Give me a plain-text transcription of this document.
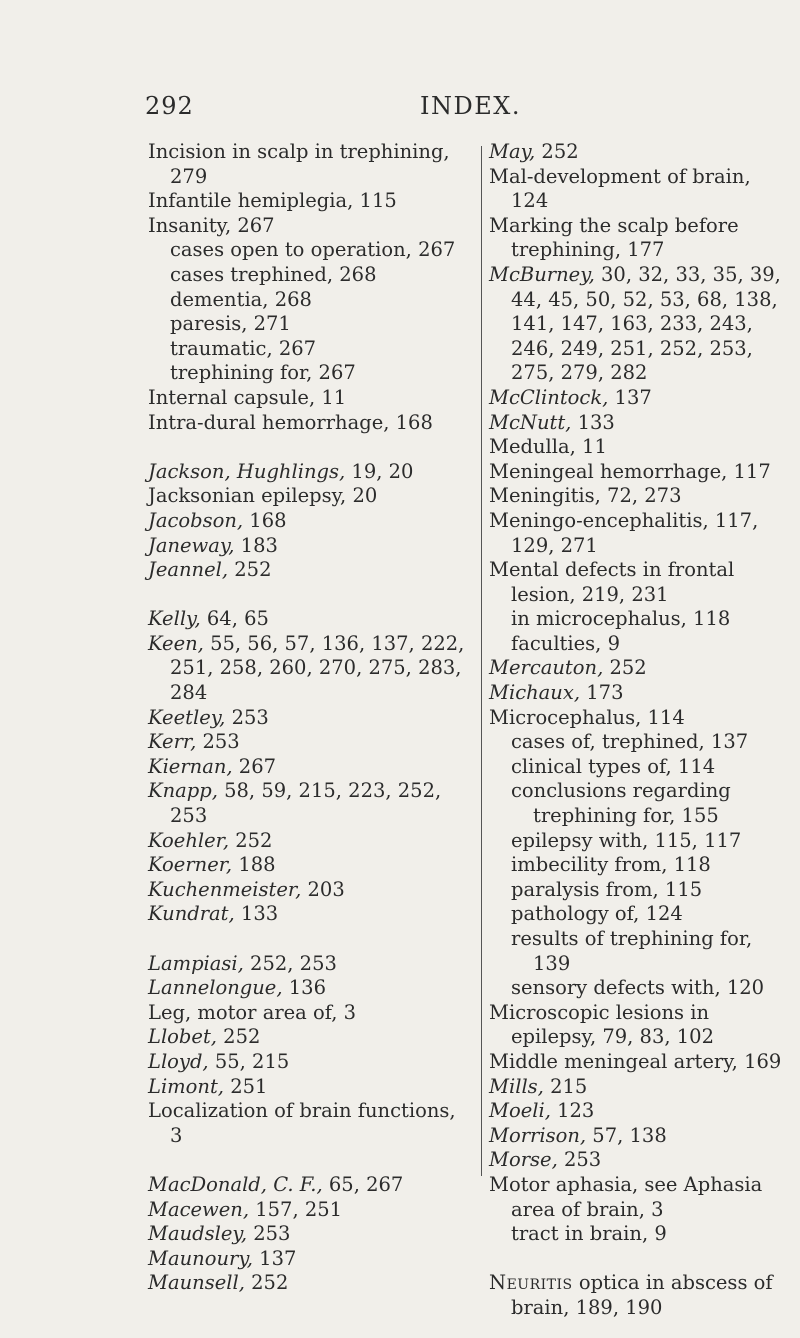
292	INDEX.

Incision in scalp in trephining, 279

Infantile hemiplegia, 115

Insanity, 267

cases open to operation, 267

cases trephined, 268

dementia, 268

paresis, 271

traumatic, 267

trephining for, 267

Internal capsule, 11

Intra-dural hemorrhage, 168

Jackson, Hughlings, 19, 20

Jacksonian epilepsy, 20

Jacobson, 168

Janeway, 183

Jeannel, 252

Kelly, 64, 65

Keen, 55, 56, 57, 136, 137, 222, 251, 258, 260, 270, 275, 283, 284

Keetley, 253

Kerr, 253

Kiernan, 267

Knapp, 58, 59, 215, 223, 252, 253

Koehler, 252

Koerner, 188

Kuchenmeister, 203

Kundrat, 133

Lampiasi, 252, 253

Lannelongue, 136

Leg, motor area of, 3

Llobet, 252

Lloyd, 55, 215

Limont, 251

Localization of brain functions, 3

MacDonald, C. F., 65, 267

Macewen, 157, 251

Maudsley, 253

Maunoury, 137

Maunsell, 252

May, 252

Mal-development of brain, 124

Marking the scalp before trephining, 177

McBurney, 30, 32, 33, 35, 39, 44, 45, 50, 52, 53, 68, 138, 141, 147, 163, 233, 243, 246, 249, 251, 252, 253, 275, 279, 282

McClintock, 137

McNutt, 133

Medulla, 11

Meningeal hemorrhage, 117

Meningitis, 72, 273

Meningo-encephalitis, 117, 129, 271

Mental defects in frontal lesion, 219, 231

in microcephalus, 118

faculties, 9

Mercauton, 252

Michaux, 173

Microcephalus, 114

cases of, trephined, 137

clinical types of, 114

conclusions regarding trephining for, 155

epilepsy with, 115, 117

imbecility from, 118

paralysis from, 115

pathology of, 124

results of trephining for, 139

sensory defects with, 120

Microscopic lesions in epilepsy, 79, 83, 102

Middle meningeal artery, 169

Mills, 215

Moeli, 123

Morrison, 57, 138

Morse, 253

Motor aphasia, see Aphasia

area of brain, 3

tract in brain, 9

Neuritis optica in abscess of brain, 189, 190
